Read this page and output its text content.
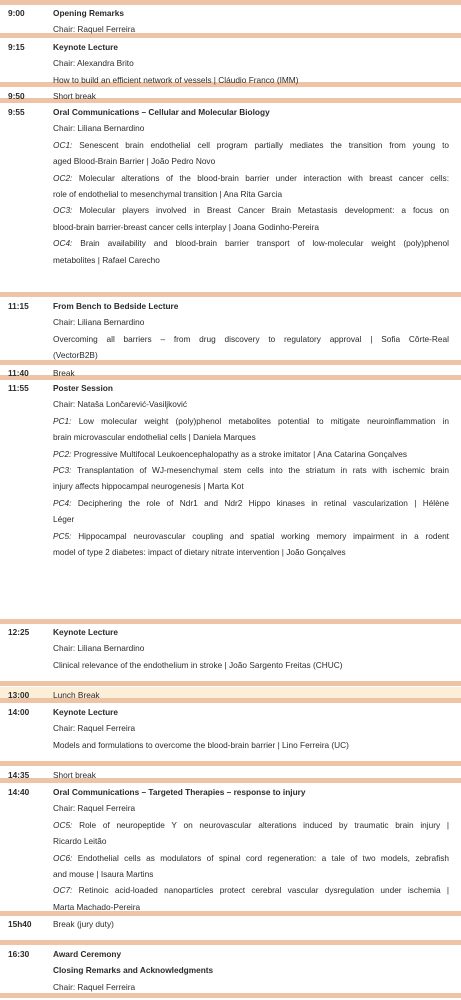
9:00	Opening Remarks
Chair: Raquel Ferreira
9:15	Keynote Lecture
Chair: Alexandra Brito
How to build an efficient network of vessels | Cláudio Franco (IMM)
9:50	Short break
9:55	Oral Communications – Cellular and Molecular Biology
Chair: Liliana Bernardino
OC1: Senescent brain endothelial cell program partially mediates the transition from young to
aged Blood-Brain Barrier | João Pedro Novo
OC2: Molecular alterations of the blood-brain barrier under interaction with breast cancer cells:
role of endothelial to mesenchymal transition | Ana Rita Garcia
OC3: Molecular players involved in Breast Cancer Brain Metastasis development: a focus on
blood-brain barrier-breast cancer cells interplay | Joana Godinho-Pereira
OC4: Brain availability and blood-brain barrier transport of low-molecular weight (poly)phenol
metabolites | Rafael Carecho
11:15	From Bench to Bedside Lecture
Chair: Liliana Bernardino
Overcoming all barriers – from drug discovery to regulatory approval | Sofia Côrte-Real
(VectorB2B)
11:40	Break
11:55	Poster Session
Chair: Nataša Lončarević-Vasiljković
PC1: Low molecular weight (poly)phenol metabolites potential to mitigate neuroinflammation in
brain microvascular endothelial cells | Daniela Marques
PC2: Progressive Multifocal Leukoencephalopathy as a stroke imitator | Ana Catarina Gonçalves
PC3: Transplantation of WJ-mesenchymal stem cells into the striatum in rats with ischemic brain
injury affects hippocampal neurogenesis | Marta Kot
PC4: Deciphering the role of Ndr1 and Ndr2 Hippo kinases in retinal vascularization | Hélène
Léger
PC5: Hippocampal neurovascular coupling and spatial working memory impairment in a rodent
model of type 2 diabetes: impact of dietary nitrate intervention | João Gonçalves
12:25	Keynote Lecture
Chair: Liliana Bernardino
Clinical relevance of the endothelium in stroke | João Sargento Freitas (CHUC)
13:00	Lunch Break
14:00	Keynote Lecture
Chair: Raquel Ferreira
Models and formulations to overcome the blood-brain barrier | Lino Ferreira (UC)
14:35	Short break
14:40	Oral Communications – Targeted Therapies – response to injury
Chair: Raquel Ferreira
OC5: Role of neuropeptide Y on neurovascular alterations induced by traumatic brain injury |
Ricardo Leitão
OC6: Endothelial cells as modulators of spinal cord regeneration: a tale of two models, zebrafish
and mouse | Isaura Martins
OC7: Retinoic acid-loaded nanoparticles protect cerebral vascular dysregulation under ischemia |
Marta Machado-Pereira
15h40	Break (jury duty)
16:30	Award Ceremony
Closing Remarks and Acknowledgments
Chair: Raquel Ferreira
